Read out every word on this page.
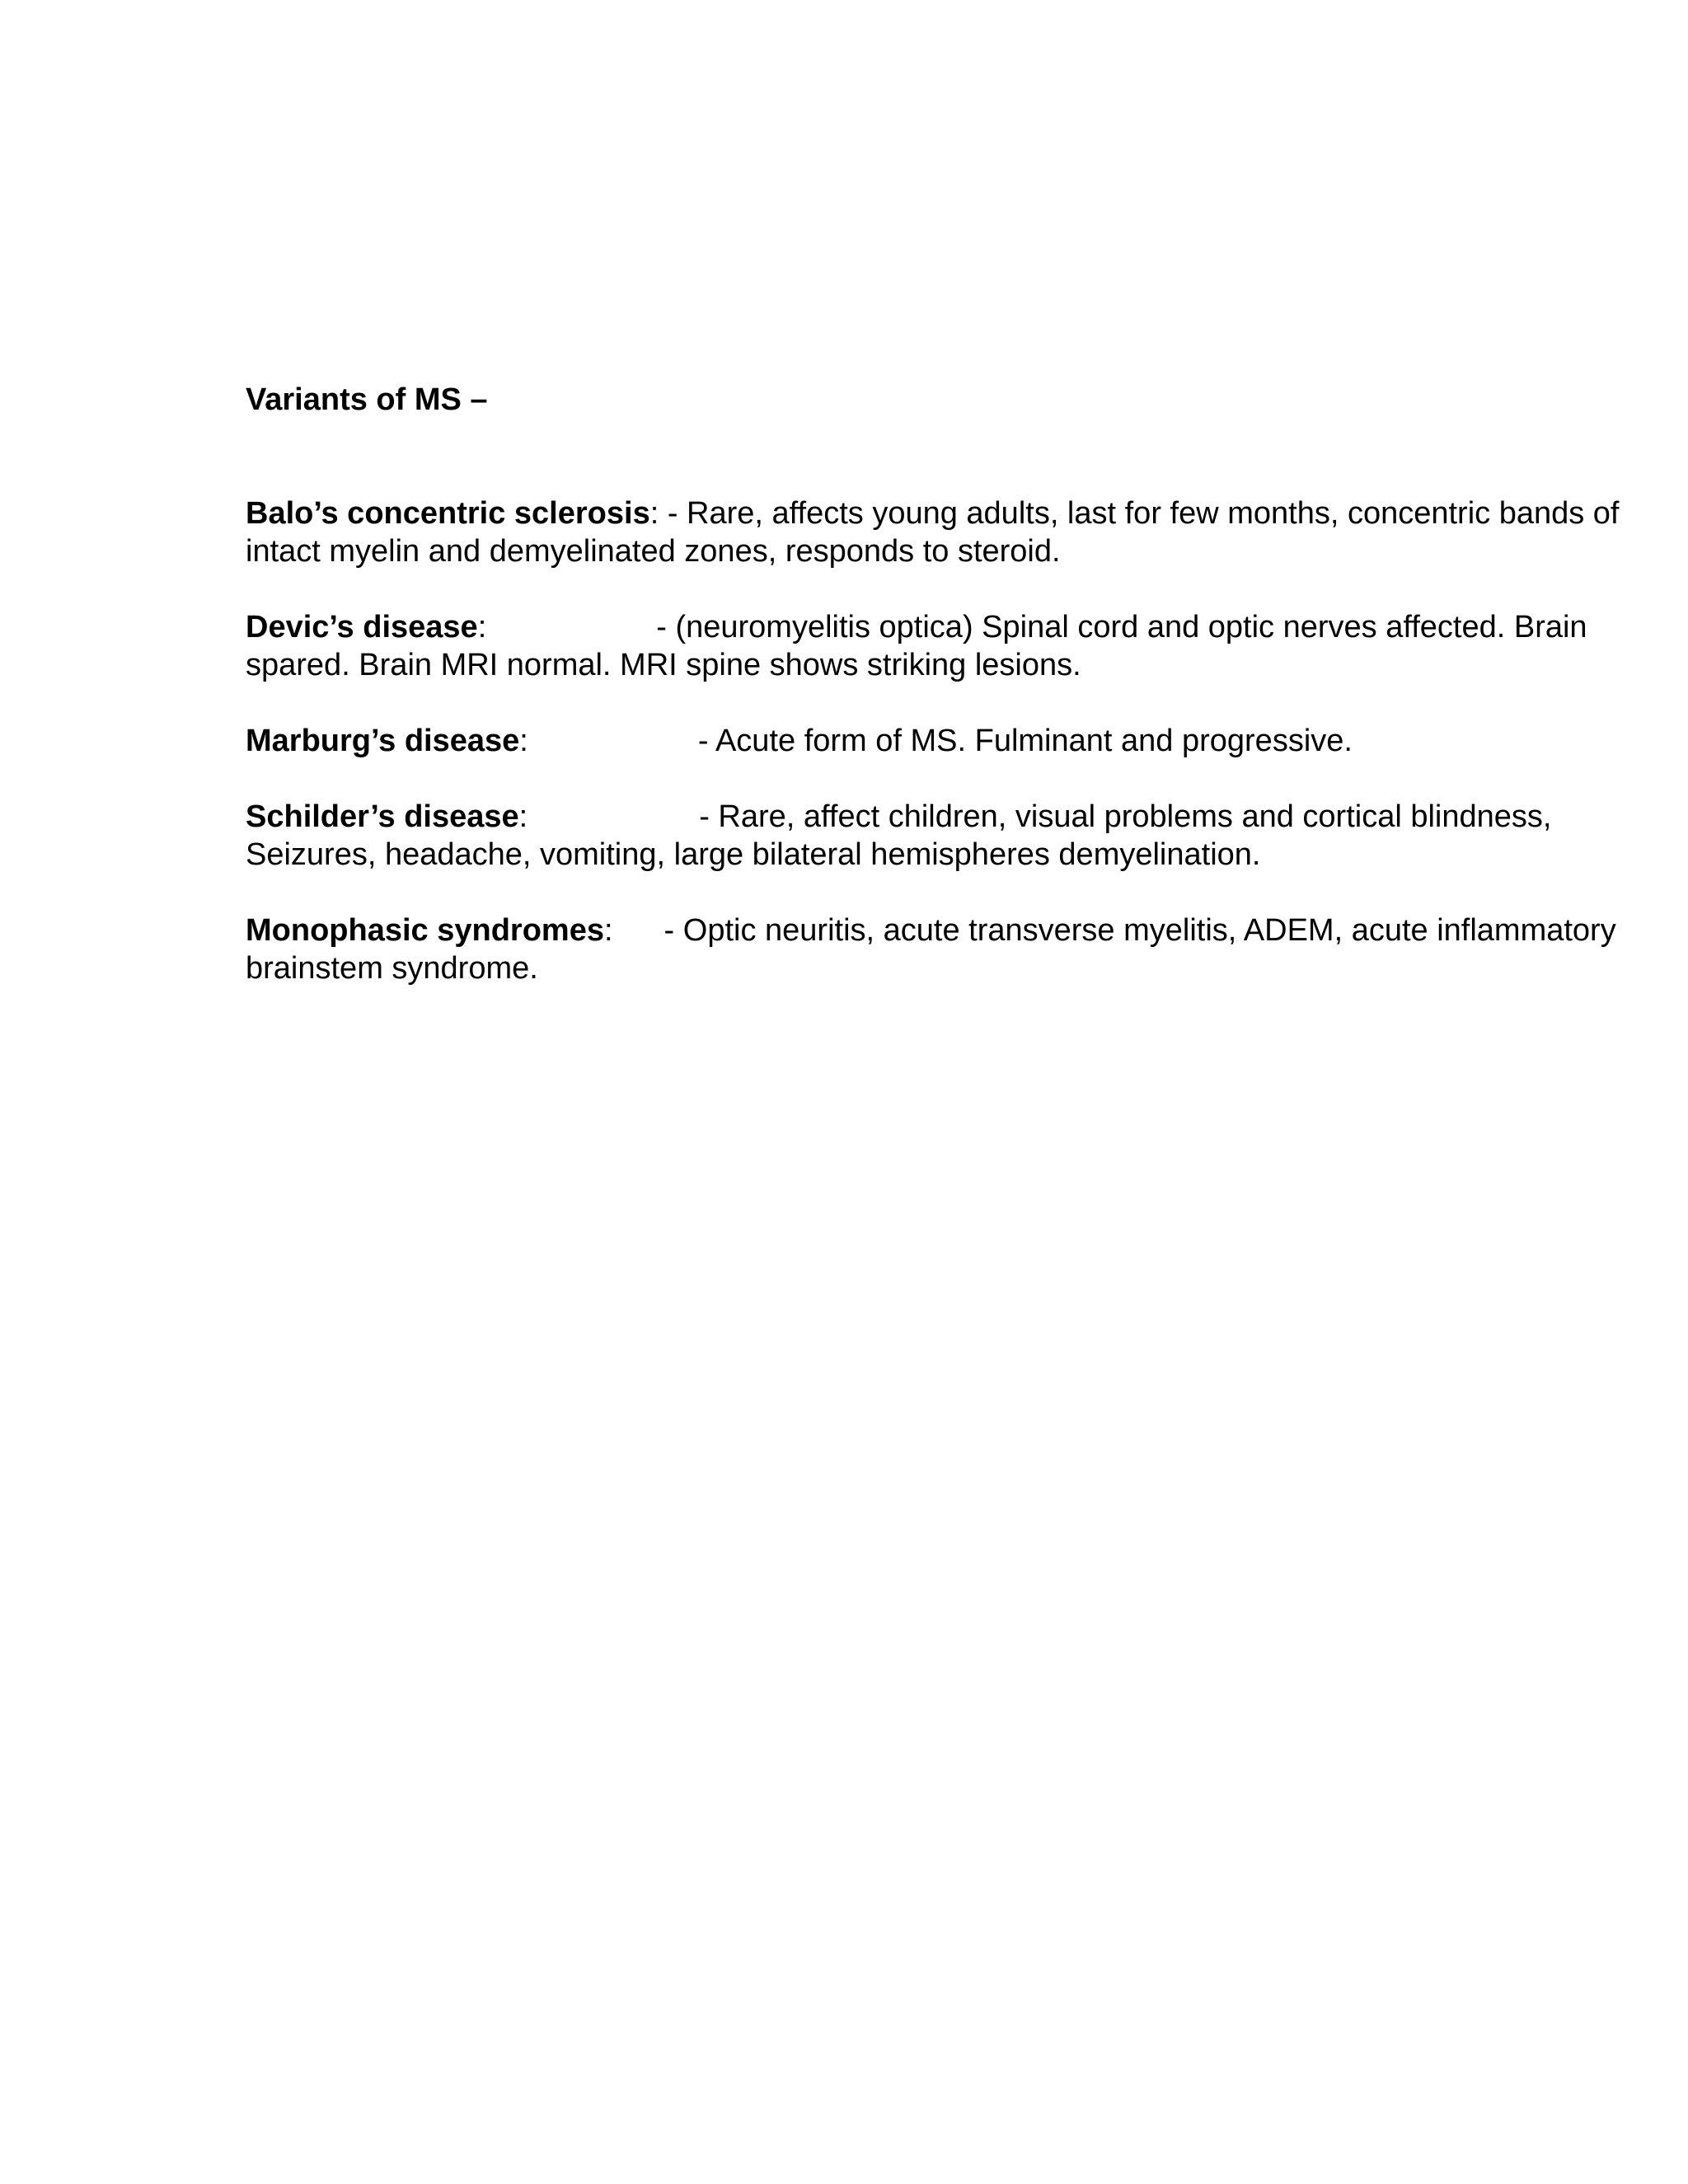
Variants of MS –
Balo’s concentric sclerosis: - Rare, affects young adults, last for few months, concentric bands of intact myelin and demyelinated zones, responds to steroid.
Devic’s disease:	- (neuromyelitis optica) Spinal cord and optic nerves affected. Brain spared. Brain MRI normal. MRI spine shows striking lesions.
Marburg’s disease:	- Acute form of MS. Fulminant and progressive.
Schilder’s disease:	- Rare, affect children, visual problems and cortical blindness, Seizures, headache, vomiting, large bilateral hemispheres demyelination.
Monophasic syndromes: - Optic neuritis, acute transverse myelitis, ADEM, acute inflammatory brainstem syndrome.
